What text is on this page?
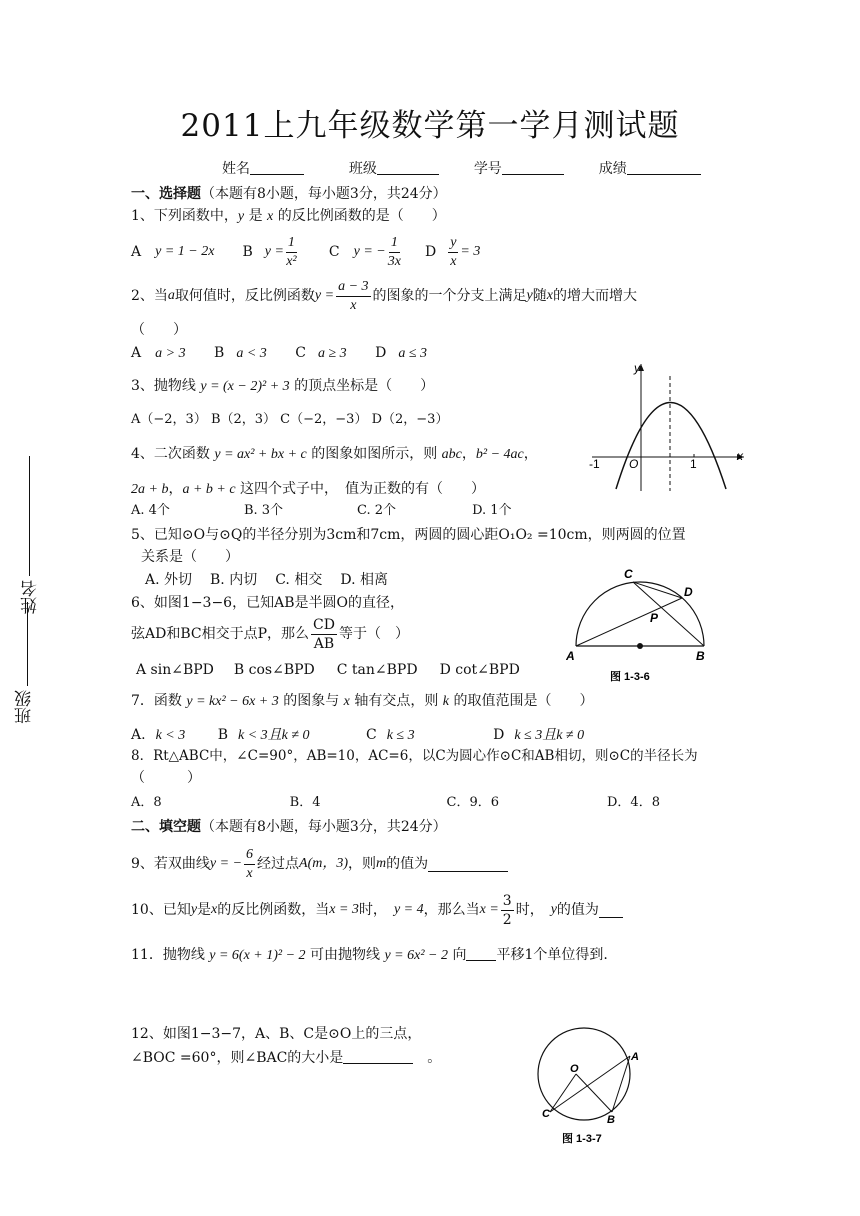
2011上九年级数学第一学月测试题
姓名	班级	学号	成绩
姓名
班级
一、选择题（本题有8小题，每小题3分，共24分）
1、下列函数中，y 是 x 的反比例函数的是（　　）
A y = 1 − 2x B $y = \frac{1}{\text{x²}}$ C y = − $\frac{1}{3x}$ D $\frac{y}{x} = 3$
2、当 a 取何值时，反比例函数 $y = \frac{a - 3}{x}$ 的图象的一个分支上满足 y 随 x 的增大而增大
（　　）
A a > 3 B a < 3 C a ≥ 3 D a ≤ 3
3、抛物线 y = (x − 2)² + 3 的顶点坐标是（　　）
A（−2，3） B（2，3） C（−2，−3） D（2，−3）
4、二次函数 y = ax² + bx + c 的图象如图所示，则 abc，b² − 4ac，
2a + b，a + b + c 这四个式子中，　值为正数的有（　　）
A. 4个	B. 3个	C. 2个	D. 1个
y
x
O
-1	1
5、已知⊙O与⊙Q的半径分别为3cm和7cm，两圆的圆心距O₁O₂ =10cm，则两圆的位置
关系是（　　）
A. 外切 B. 内切 C. 相交 D. 相离
6、如图1−3−6，已知AB是半圆O的直径，
弦AD和BC相交于点P，那么 $\frac{CD}{AB}$ 等于（　）
A sin∠BPD B cos∠BPD C tan∠BPD D cot∠BPD
A	B
C
D
P
图 1-3-6
7．函数 y = kx² − 6x + 3 的图象与 x 轴有交点，则 k 的取值范围是（　　）
A. k < 3 B k < 3且k ≠ 0	C k ≤ 3	D k ≤ 3且k ≠ 0
8．Rt△ABC中，∠C=90°，AB=10，AC=6，以C为圆心作⊙C和AB相切，则⊙C的半径长为
（　　　）
A．8	B．4	C．9．6	D．4．8
二、填空题（本题有8小题，每小题3分，共24分）
9、若双曲线 y = − $\frac{6}{x}$ 经过点 A(m，3) ，则 m 的值为
10、已知 y 是 x 的反比例函数，当 x = 3 时，　 y = 4 ，那么当 $x = \frac{3}{2}$ 时，　 y 的值为
11．抛物线 y = 6(x + 1)² − 2 可由抛物线 y = 6x² − 2 向 平移1个单位得到.
12、如图1−3−7，A、B、C是⊙O上的三点，
∠BOC =60°，则∠BAC的大小是	　。
O
A
B
C
图 1-3-7
